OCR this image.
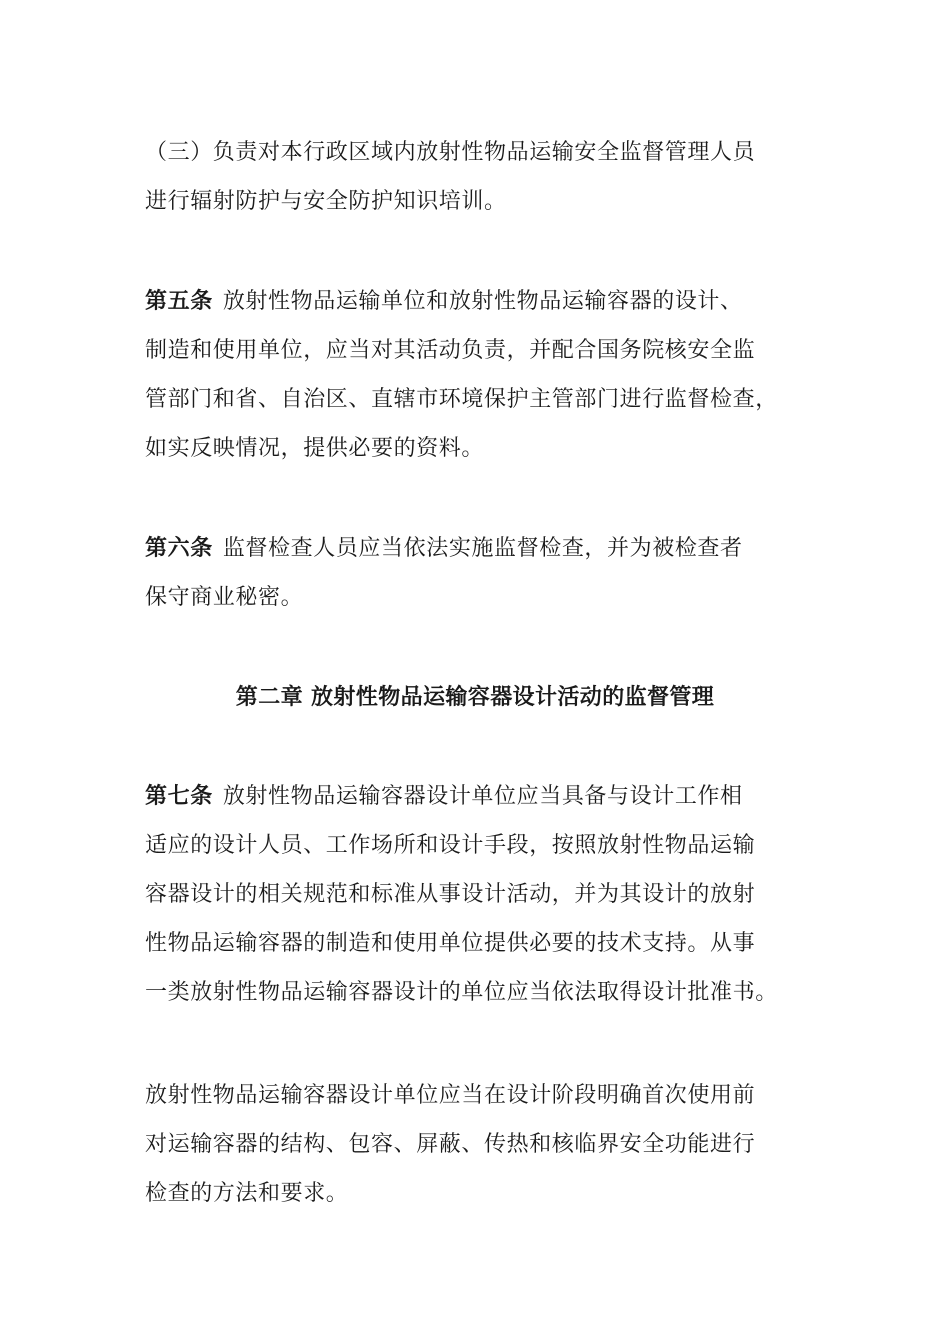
（三）负责对本行政区域内放射性物品运输安全监督管理人员
进行辐射防护与安全防护知识培训。
第五条 放射性物品运输单位和放射性物品运输容器的设计、
制造和使用单位，应当对其活动负责，并配合国务院核安全监
管部门和省、自治区、直辖市环境保护主管部门进行监督检查，
如实反映情况，提供必要的资料。
第六条 监督检查人员应当依法实施监督检查，并为被检查者
保守商业秘密。
第二章 放射性物品运输容器设计活动的监督管理
第七条 放射性物品运输容器设计单位应当具备与设计工作相
适应的设计人员、工作场所和设计手段，按照放射性物品运输
容器设计的相关规范和标准从事设计活动，并为其设计的放射
性物品运输容器的制造和使用单位提供必要的技术支持。从事
一类放射性物品运输容器设计的单位应当依法取得设计批准书。
放射性物品运输容器设计单位应当在设计阶段明确首次使用前
对运输容器的结构、包容、屏蔽、传热和核临界安全功能进行
检查的方法和要求。
